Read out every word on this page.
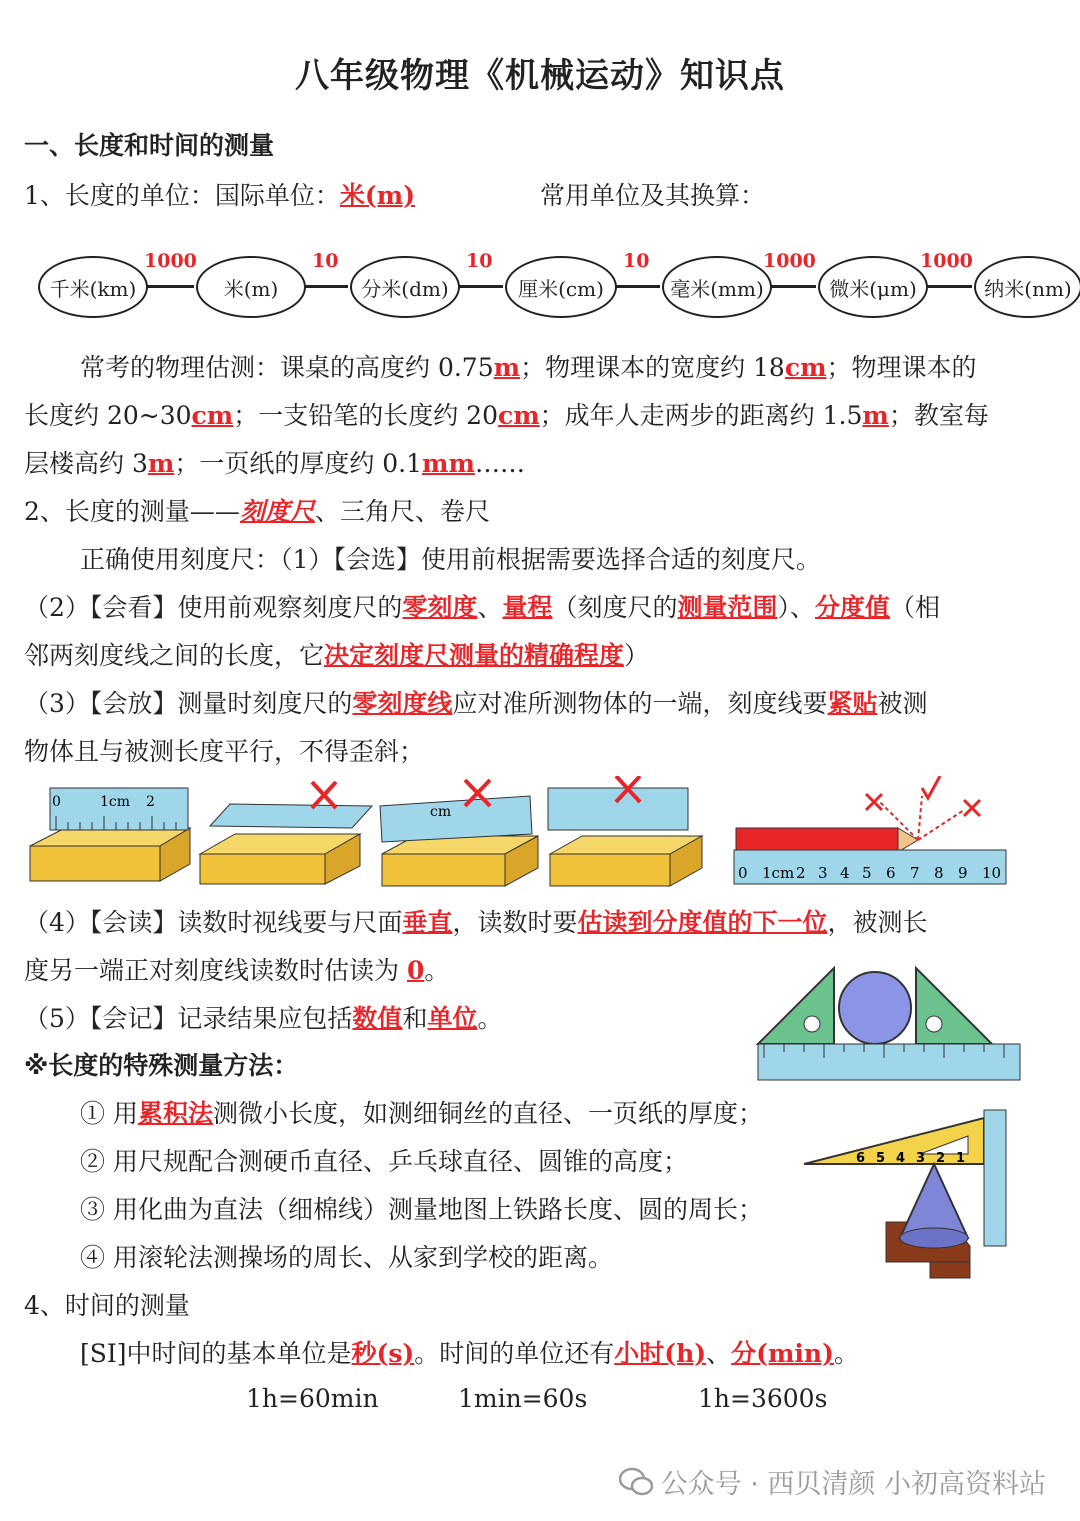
八年级物理《机械运动》知识点
一、长度和时间的测量
1、长度的单位：国际单位：米(m)	常用单位及其换算：
千米(km)	米(m)	分米(dm)	厘米(cm)	毫米(mm)	微米(μm)	纳米(nm)
1000	10	10	10	1000	1000
常考的物理估测：课桌的高度约 0.75m；物理课本的宽度约 18cm；物理课本的
长度约 20~30cm；一支铅笔的长度约 20cm；成年人走两步的距离约 1.5m；教室每
层楼高约 3m；一页纸的厚度约 0.1mm……
2、长度的测量——刻度尺、三角尺、卷尺
正确使用刻度尺：（1）【会选】使用前根据需要选择合适的刻度尺。
（2）【会看】使用前观察刻度尺的零刻度、量程（刻度尺的测量范围）、分度值（相
邻两刻度线之间的长度，它决定刻度尺测量的精确程度）
（3）【会放】测量时刻度尺的零刻度线应对准所测物体的一端，刻度线要紧贴被测
物体且与被测长度平行，不得歪斜；
0	1cm 2
cm
0 1cm 2 3 4 5 6 7 8 9 10
（4）【会读】读数时视线要与尺面垂直，读数时要估读到分度值的下一位，被测长
度另一端正对刻度线读数时估读为 0。
（5）【会记】记录结果应包括数值和单位。
※长度的特殊测量方法：
① 用累积法测微小长度，如测细铜丝的直径、一页纸的厚度；
② 用尺规配合测硬币直径、乒乓球直径、圆锥的高度；
③ 用化曲为直法（细棉线）测量地图上铁路长度、圆的周长；
④ 用滚轮法测操场的周长、从家到学校的距离。
6 5 4 3 2 1
4、时间的测量
[SI]中时间的基本单位是秒(s)。时间的单位还有小时(h)、分(min)。
1h=60min	1min=60s	1h=3600s
公众号 · 西贝清颜 小初高资料站
